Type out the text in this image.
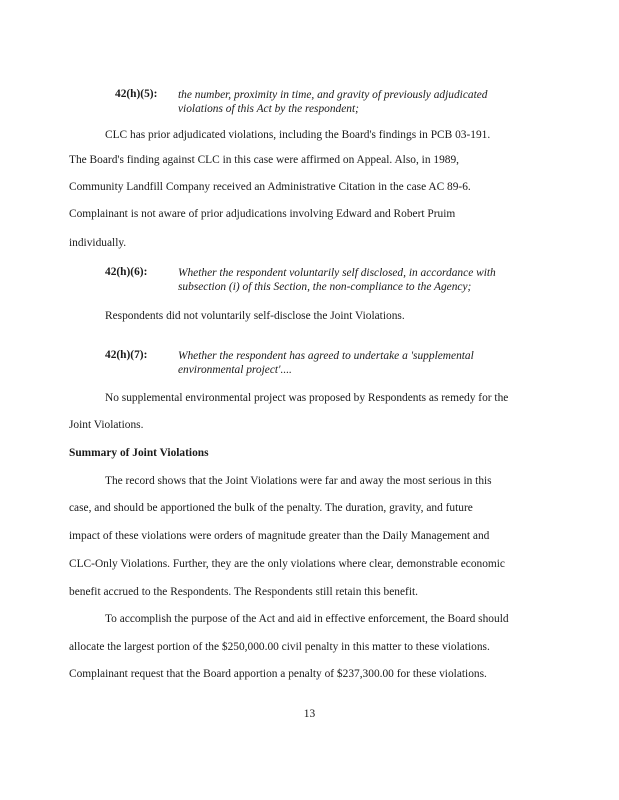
42(h)(5): the number, proximity in time, and gravity of previously adjudicated
violations of this Act by the respondent;
CLC has prior adjudicated violations, including the Board's findings in PCB 03-191.
The Board's finding against CLC in this case were affirmed on Appeal. Also, in 1989,
Community Landfill Company received an Administrative Citation in the case AC 89-6.
Complainant is not aware of prior adjudications involving Edward and Robert Pruim
individually.
42(h)(6):	Whether the respondent voluntarily self disclosed, in accordance with
subsection (i) of this Section, the non-compliance to the Agency;
Respondents did not voluntarily self-disclose the Joint Violations.
42(h)(7):	Whether the respondent has agreed to undertake a 'supplemental
environmental project'....
No supplemental environmental project was proposed by Respondents as remedy for the
Joint Violations.
Summary of Joint Violations
The record shows that the Joint Violations were far and away the most serious in this
case, and should be apportioned the bulk of the penalty. The duration, gravity, and future
impact of these violations were orders of magnitude greater than the Daily Management and
CLC-Only Violations. Further, they are the only violations where clear, demonstrable economic
benefit accrued to the Respondents. The Respondents still retain this benefit.
To accomplish the purpose of the Act and aid in effective enforcement, the Board should
allocate the largest portion of the $250,000.00 civil penalty in this matter to these violations.
Complainant request that the Board apportion a penalty of $237,300.00 for these violations.
13
